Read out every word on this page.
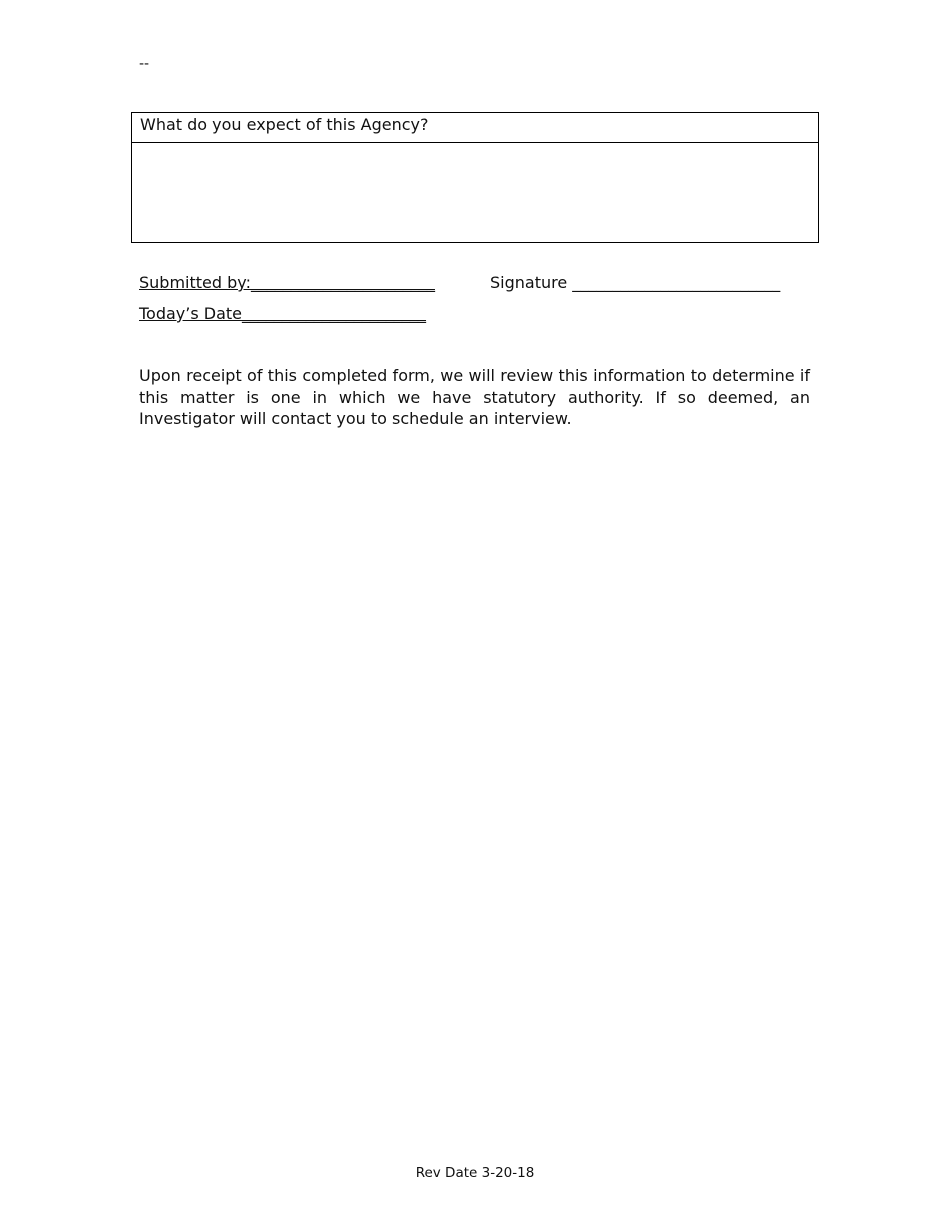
--
What do you expect of this Agency?
Submitted by:_______________________	Signature __________________________
Today’s Date_______________________
Upon receipt of this completed form, we will review this information to determine if this matter is one in which we have statutory authority. If so deemed, an Investigator will contact you to schedule an interview.
Rev Date 3-20-18
